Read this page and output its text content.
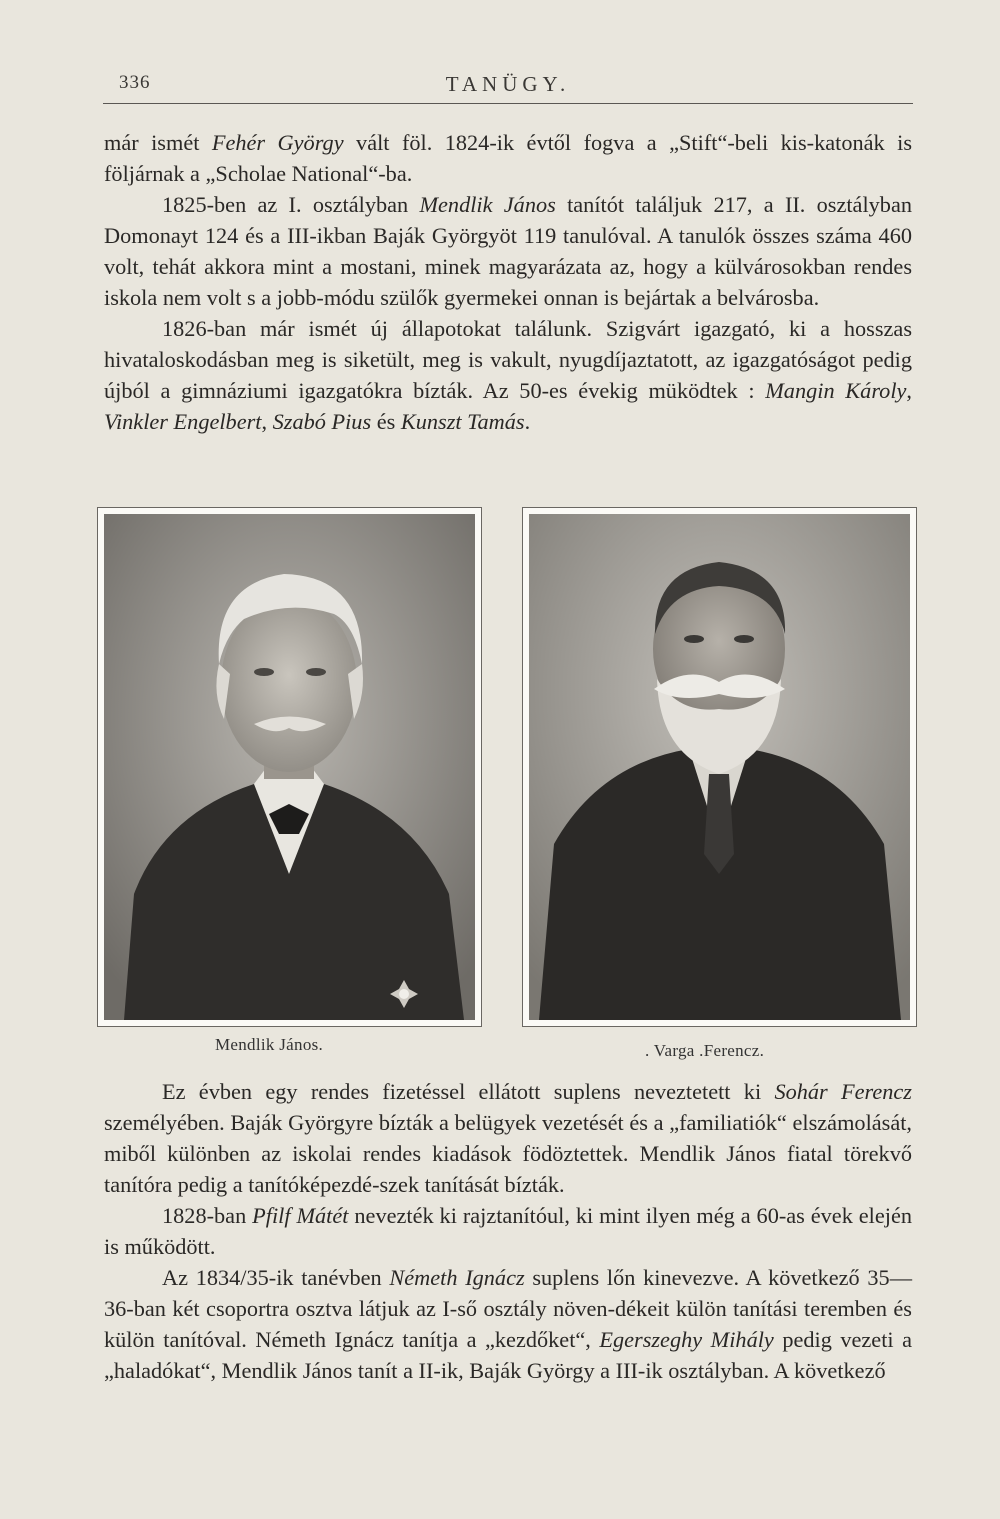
336	TANÜGY.

már ismét Fehér György vált föl. 1824-ik évtől fogva a „Stift“-beli kis-katonák is följárnak a „Scholae National“-ba.

1825-ben az I. osztályban Mendlik János tanítót találjuk 217, a II. osztályban Domonayt 124 és a III-ikban Baják Györgyöt 119 tanulóval. A tanulók összes száma 460 volt, tehát akkora mint a mostani, minek magyarázata az, hogy a külvárosokban rendes iskola nem volt s a jobb-módu szülők gyermekei onnan is bejártak a belvárosba.

1826-ban már ismét új állapotokat találunk. Szigvárt igazgató, ki a hosszas hivataloskodásban meg is siketült, meg is vakult, nyugdíjaztatott, az igazgatóságot pedig újból a gimnáziumi igazgatókra bízták. Az 50-es évekig müködtek : Mangin Károly, Vinkler Engelbert, Szabó Pius és Kunszt Tamás.

Mendlik János.	. Varga .Ferencz.

Ez évben egy rendes fizetéssel ellátott suplens neveztetett ki Sohár Ferencz személyében. Baják Györgyre bízták a belügyek vezetését és a „familiatiók“ elszámolását, miből különben az iskolai rendes kiadások födöztettek. Mendlik János fiatal törekvő tanítóra pedig a tanítóképezdé-szek tanítását bízták.

1828-ban Pfilf Mátét nevezték ki rajztanítóul, ki mint ilyen még a 60-as évek elején is működött.

Az 1834/35-ik tanévben Németh Ignácz suplens lőn kinevezve. A következő 35—36-ban két csoportra osztva látjuk az I-ső osztály növen-dékeit külön tanítási teremben és külön tanítóval. Németh Ignácz tanítja a „kezdőket“, Egerszeghy Mihály pedig vezeti a „haladókat“, Mendlik János tanít a II-ik, Baják György a III-ik osztályban. A következő
